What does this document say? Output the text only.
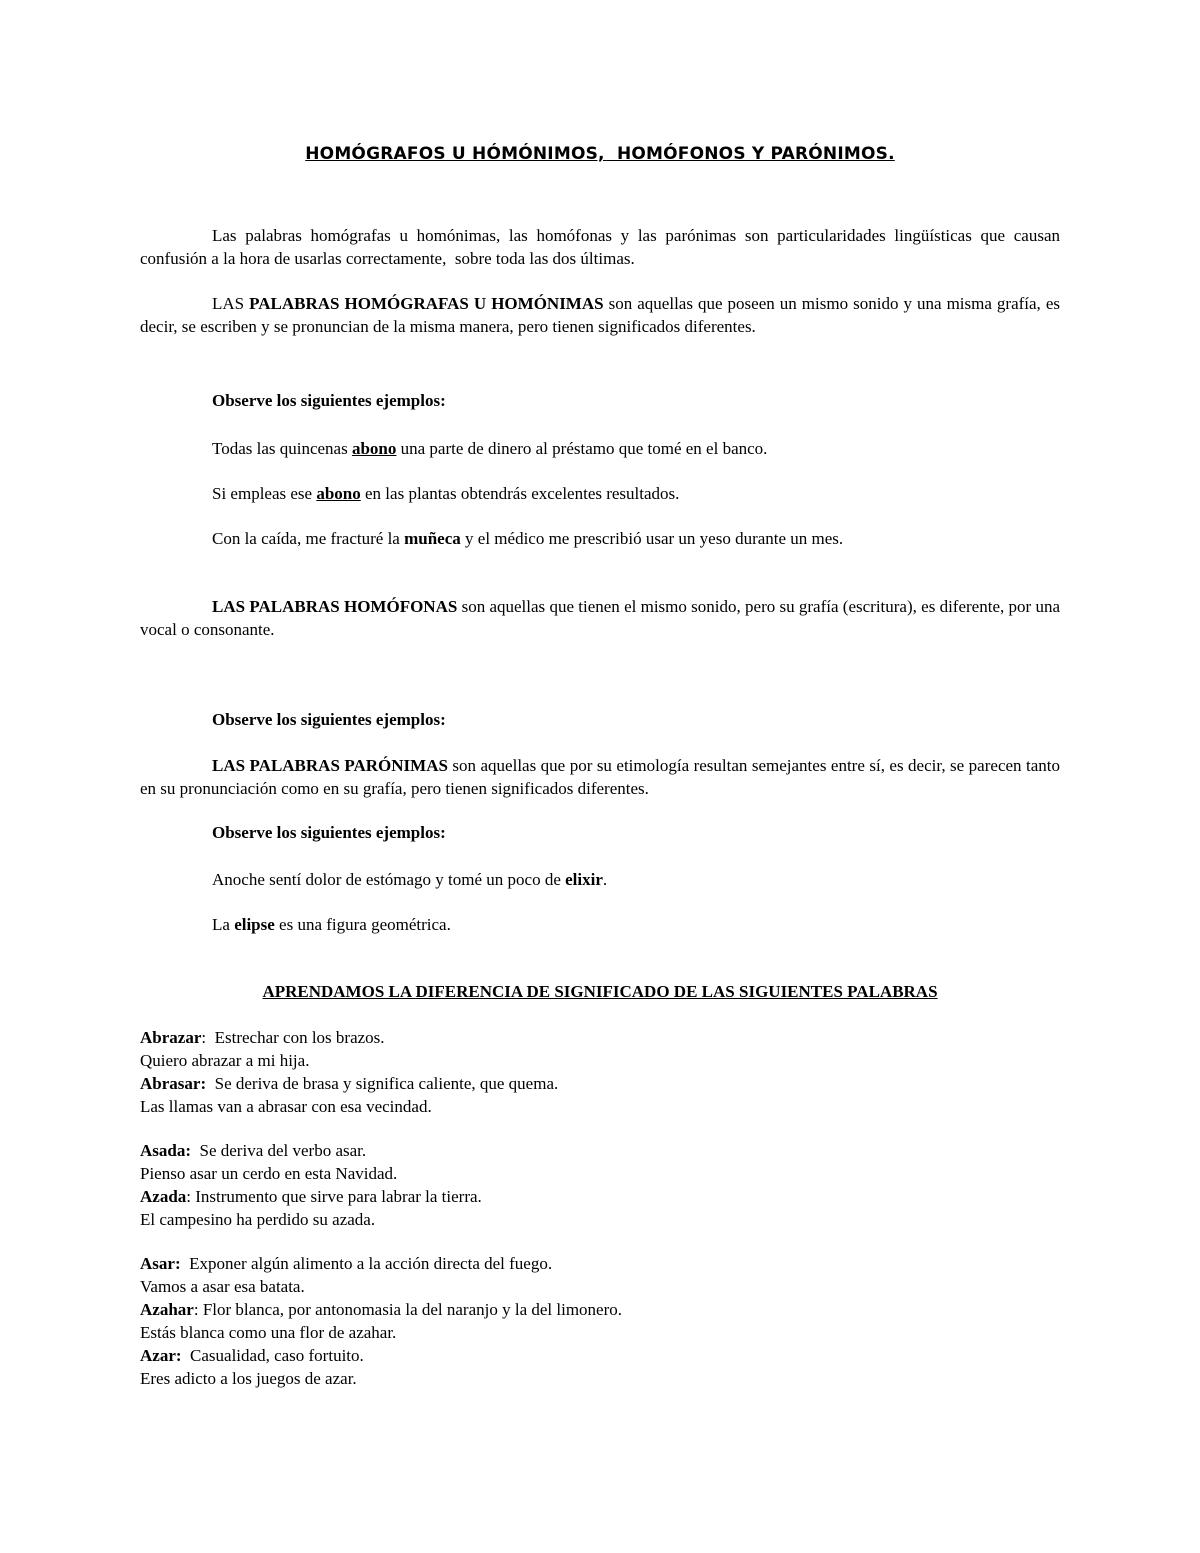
HOMÓGRAFOS U HÓMÓNIMOS,  HOMÓFONOS Y PARÓNIMOS.

Las palabras homógrafas u homónimas, las homófonas y las parónimas son particularidades lingüísticas que causan confusión a la hora de usarlas correctamente,  sobre toda las dos últimas.

LAS PALABRAS HOMÓGRAFAS U HOMÓNIMAS son aquellas que poseen un mismo sonido y una misma grafía, es decir, se escriben y se pronuncian de la misma manera, pero tienen significados diferentes.

Observe los siguientes ejemplos:

Todas las quincenas abono una parte de dinero al préstamo que tomé en el banco.

Si empleas ese abono en las plantas obtendrás excelentes resultados.

Con la caída, me fracturé la muñeca y el médico me prescribió usar un yeso durante un mes.

LAS PALABRAS HOMÓFONAS son aquellas que tienen el mismo sonido, pero su grafía (escritura), es diferente, por una vocal o consonante.

Observe los siguientes ejemplos:

LAS PALABRAS PARÓNIMAS son aquellas que por su etimología resultan semejantes entre sí, es decir, se parecen tanto en su pronunciación como en su grafía, pero tienen significados diferentes.

Observe los siguientes ejemplos:

Anoche sentí dolor de estómago y tomé un poco de elixir.

La elipse es una figura geométrica.

APRENDAMOS LA DIFERENCIA DE SIGNIFICADO DE LAS SIGUIENTES PALABRAS
Abrazar:  Estrechar con los brazos.
Quiero abrazar a mi hija.
Abrasar:  Se deriva de brasa y significa caliente, que quema.
Las llamas van a abrasar con esa vecindad.
Asada:  Se deriva del verbo asar.
Pienso asar un cerdo en esta Navidad.
Azada: Instrumento que sirve para labrar la tierra.
El campesino ha perdido su azada.
Asar:  Exponer algún alimento a la acción directa del fuego.
Vamos a asar esa batata.
Azahar: Flor blanca, por antonomasia la del naranjo y la del limonero.
Estás blanca como una flor de azahar.
Azar:  Casualidad, caso fortuito.
Eres adicto a los juegos de azar.
